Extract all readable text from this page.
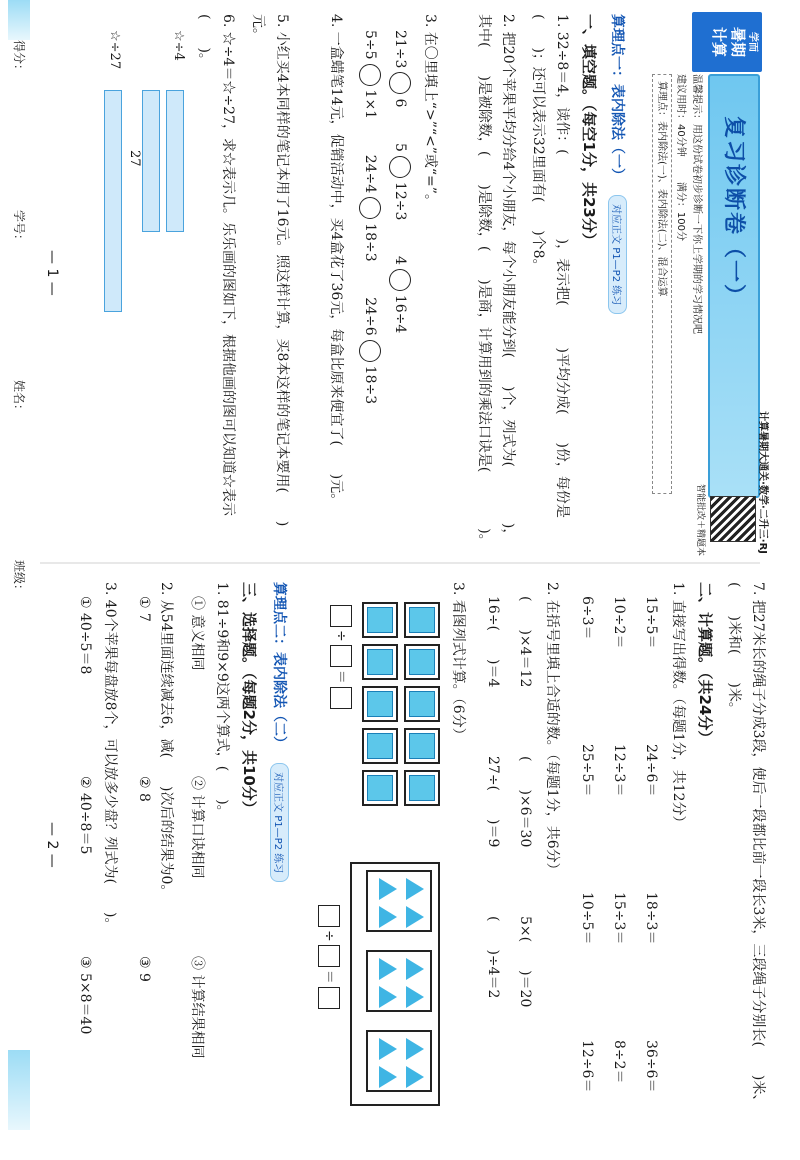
学而
暑期
计算
复习诊断卷（一）
计算暑期大通关·数学·二升三·RJ
智能批改＋精题本
温馨提示：用这份试卷初步诊断一下你上学期的学习情况吧
建议用时：40分钟 满分：100分
算理点：表内除法(一)、表内除法(二)、混合运算
算理点一：表内除法（一） 对应正文 P1—P2 练习
一、填空题。（每空1分，共23分）
1. 32÷8＝4，读作：(　　　　　　)，表示把(　　　)平均分成(　　)份，每份是(　　)；还可以表示32里面有(　　)个8。
2. 把20个苹果平均分给4个小朋友，每个小朋友能分到(　　)个，列式为(　　　　)，其中(　　)是被除数，(　　)是除数，(　　)是商，计算用到的乘法口诀是(　　　　)。
3. 在〇里填上“>”“<”或“=”。
21÷36        512÷3        416÷4
5÷51×1        24÷418÷3        24÷618÷3
4. 一盒蜡笔14元，促销活动中，买4盒花了36元，每盒比原来便宜了(　　)元。
5. 小红买4本同样的笔记本用了16元。照这样计算，买8本这样的笔记本要用(　　)元。
6. ☆÷4＝☆÷27，求☆表示几。乐乐画的图如下，根据他画的图可以知道☆表示(　　)。
☆÷4
27
☆÷27
— 1 —
7. 把27米长的绳子分成3段，使后一段都比前一段长3米，三段绳子分别长(　　)米、(　　)米和(　　)米。
二、计算题。（共24分）
1. 直接写出得数。（每题1分，共12分）
15÷5＝
24÷6＝
18÷3＝
36÷6＝
10÷2＝
12÷3＝
15÷3＝
8÷2＝
6÷3＝
25÷5＝
10÷5＝
12÷6＝
2. 在括号里填上合适的数。（每题1分，共6分）
(　　)×4＝12
(　　)×6＝30
5×(　　)＝20
16÷(　　)＝4
27÷(　　)＝9
(　　)÷4＝2
3. 看图列式计算。（6分）
÷＝
÷＝
算理点二：表内除法（二） 对应正文 P1—P2 练习
三、选择题。（每题2分，共10分）
1. 81÷9和9×9这两个算式，(　　)。
① 意义相同
② 计算口诀相同
③ 计算结果相同
2. 从54里面连续减去6，减(　　)次后的结果为0。
① 7
② 8
③ 9
3. 40个苹果每盘放8个，可以放多少盘？列式为(　　)。
① 40÷5＝8
② 40÷8＝5
③ 5×8＝40
— 2 —
得分：
学号：
姓名：
班级：
